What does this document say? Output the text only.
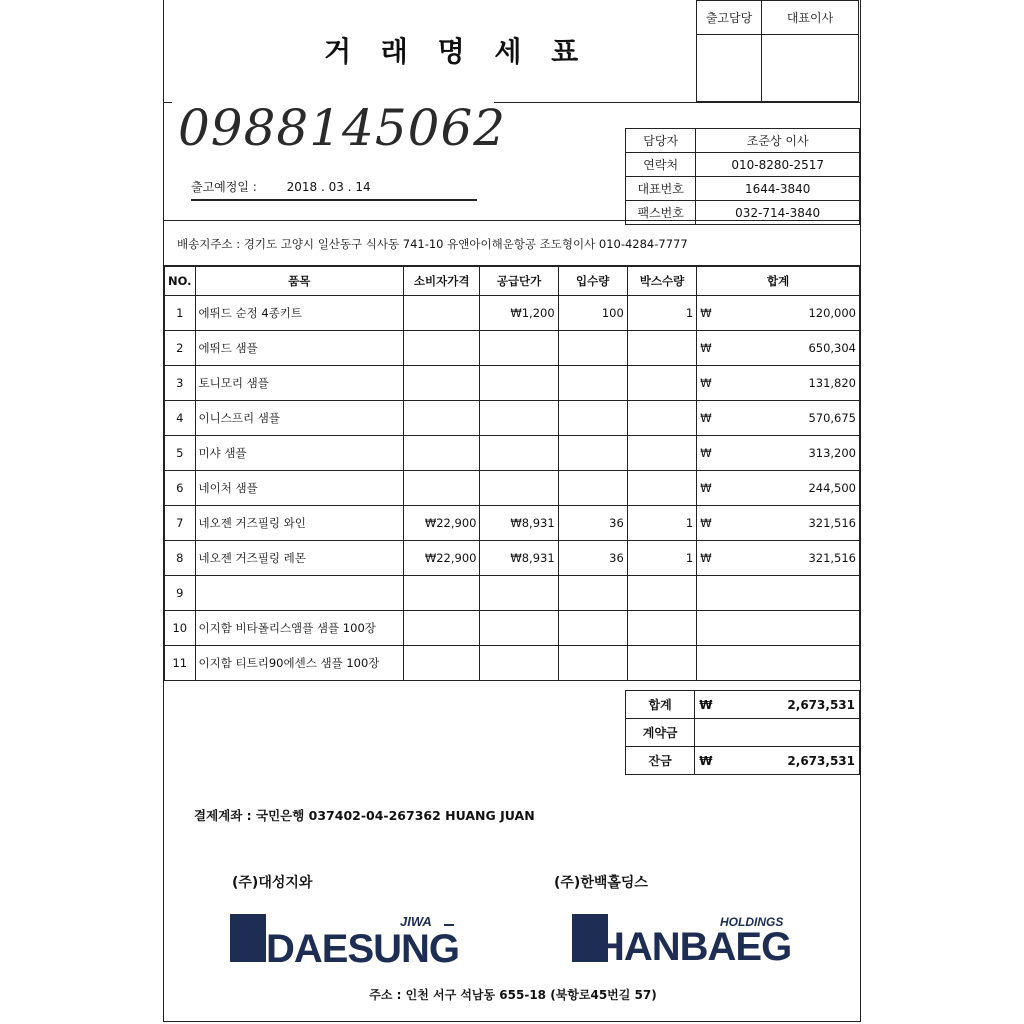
거 래 명 세 표
출고담당	대표이사

출고예정일 : 2018 . 03 . 14
담당자	조준상 이사
연락처	010-8280-2517
대표번호	1644-3840
팩스번호	032-714-3840
배송지주소 : 경기도 고양시 일산동구 식사동 741-10 유앤아이해운항공 조도형이사 010-4284-7777
NO.	품목	소비자가격	공급단가	입수량	박스수량	합계
1	에뛰드 순정 4종키트		₩1,200	100	1	₩ 120,000
2	에뛰드 샘플					₩ 650,304
3	토니모리 샘플					₩ 131,820
4	이니스프리 샘플					₩ 570,675
5	미샤 샘플					₩ 313,200
6	네이처 샘플					₩ 244,500
7	네오젠 거즈필링 와인	₩22,900	₩8,931	36	1	₩ 321,516
8	네오젠 거즈필링 레몬	₩22,900	₩8,931	36	1	₩ 321,516
9						
10	이지함 비타폴리스앰플 샘플 100장					
11	이지함 티트리90에센스 샘플 100장					
합계	₩ 2,673,531

계약금	
잔금	₩ 2,673,531
결제계좌 : 국민은행 037402-04-267362 HUANG JUAN
(주)대성지와
DAESUNG
JIWA
(주)한백홀딩스
HANBAEG
HOLDINGS
주소 : 인천 서구 석남동 655-18 (북항로45번길 57)
0988145062
